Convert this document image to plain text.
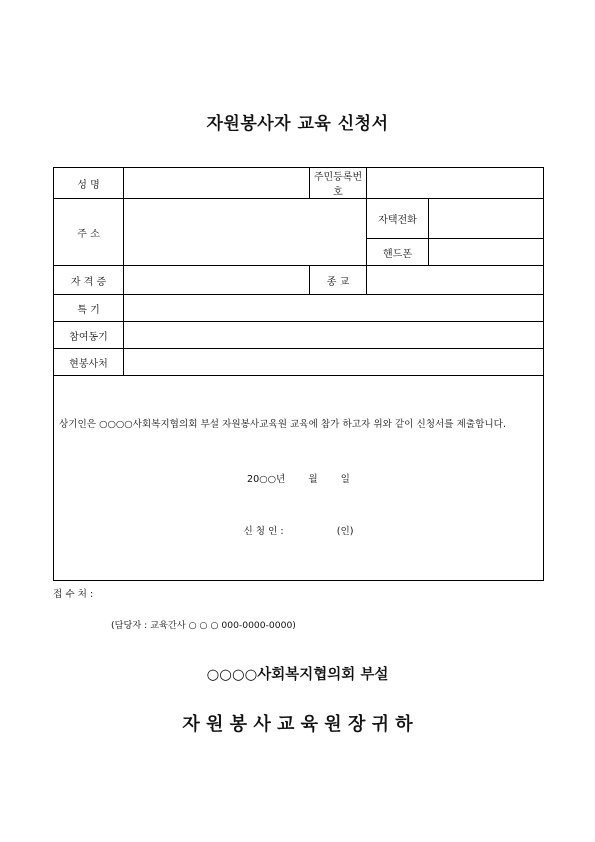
자원봉사자 교육 신청서
성 명		주민등록번호		

주 소			자택전화	

			핸드폰	

자 격 증		종 교		

특 기				

참여동기				

현봉사처				

상기인은 ○○○○사회복지협의회 부설 자원봉사교육원 교육에 참가 하고자 위와 같이 신청서를 제출합니다.
20○○년 월 일
신 청 인 : (인)				
접 수 처 :
(담당자 : 교육간사 ○ ○ ○ 000-0000-0000)
○○○○사회복지협의회 부설
자 원 봉 사 교 육 원 장 귀 하
